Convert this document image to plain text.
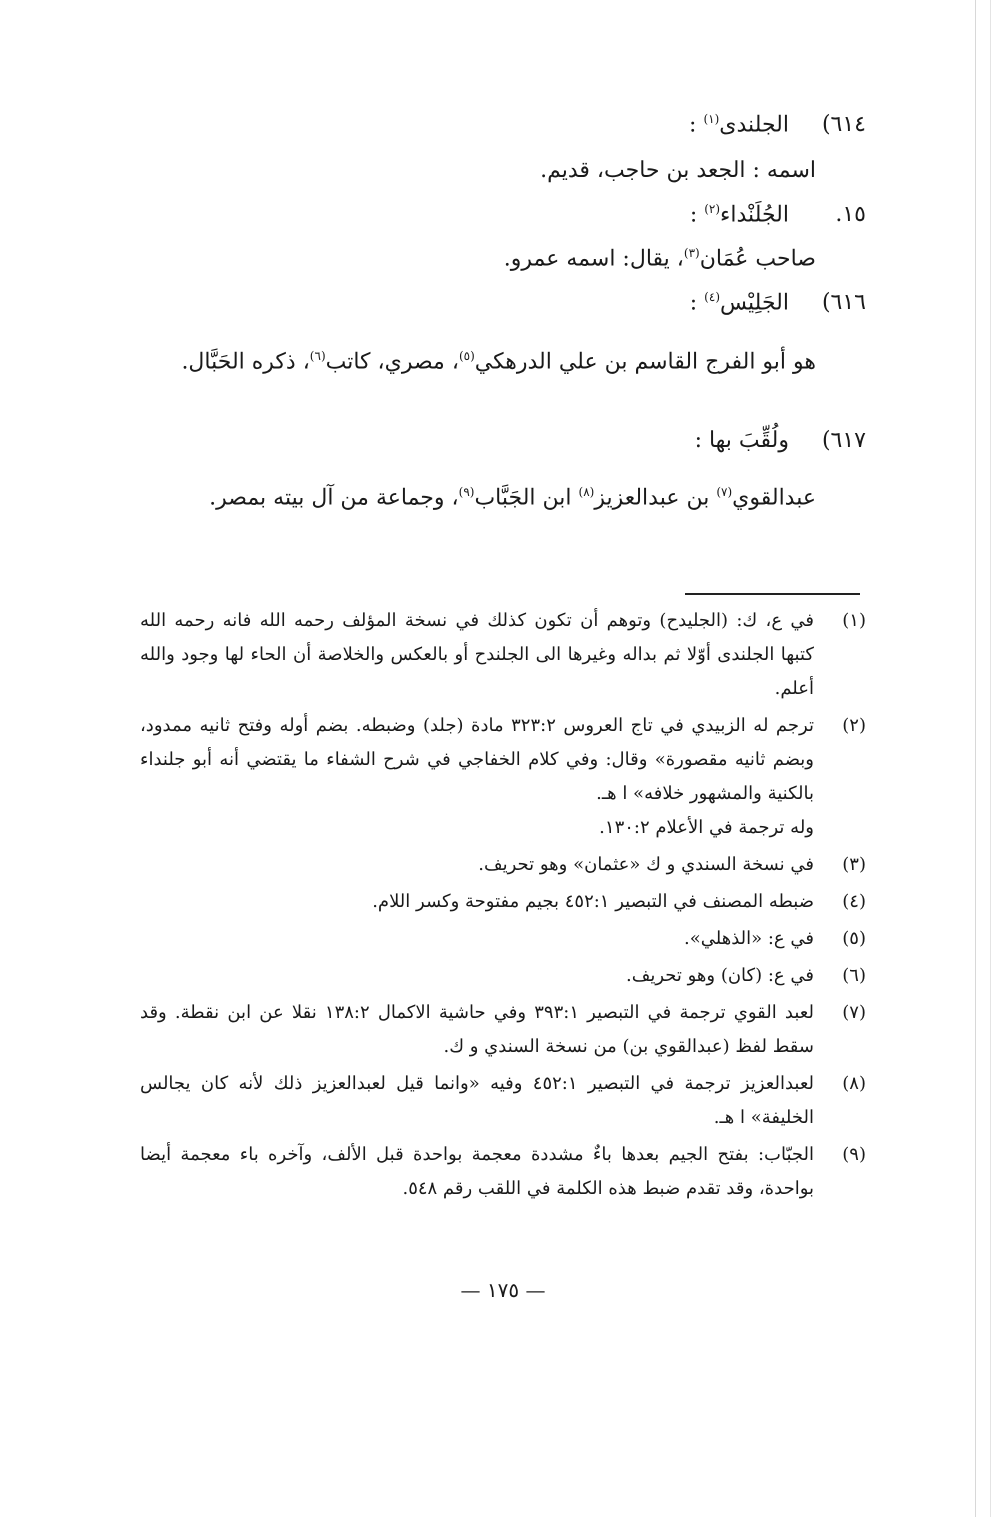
٦١٤) الجلندى$^{(١)}$ :
اسمه : الجعد بن حاجب، قديم.
١٥. الجُلَنْداء$^{(٢)}$ :
صاحب عُمَان$^{(٣)}$، يقال: اسمه عمرو.
٦١٦) الجَلِيْس$^{(٤)}$ :
هو أبو الفرج القاسم بن علي الدرهكي$^{(٥)}$، مصري، كاتب$^{(٦)}$، ذكره الحَبَّال.
٦١٧) ولُقِّبَ بها :
عبدالقوي$^{(٧)}$ بن عبدالعزيز$^{(٨)}$ ابن الجَبَّاب$^{(٩)}$، وجماعة من آل بيته بمصر.
(١)
في ع، ك: (الجليدح) وتوهم أن تكون كذلك في نسخة المؤلف رحمه الله فانه رحمه الله كتبها الجلندى أوّلا ثم بداله وغيرها الى الجلندح أو بالعكس والخلاصة أن الحاء لها وجود والله أعلم.
(٢)
ترجم له الزبيدي في تاج العروس ٣٢٣:٢ مادة (جلد) وضبطه. بضم أوله وفتح ثانيه ممدود، وبضم ثانيه مقصورة» وقال: وفي كلام الخفاجي في شرح الشفاء ما يقتضي أنه أبو جلنداء بالكنية والمشهور خلافه» ا هـ.
وله ترجمة في الأعلام ١٣٠:٢.
(٣)
في نسخة السندي و ك «عثمان» وهو تحريف.
(٤)
ضبطه المصنف في التبصير ٤٥٢:١ بجيم مفتوحة وكسر اللام.
(٥)
في ع: «الذهلي».
(٦)
في ع: (كان) وهو تحريف.
(٧)
لعبد القوي ترجمة في التبصير ٣٩٣:١ وفي حاشية الاكمال ١٣٨:٢ نقلا عن ابن نقطة. وقد سقط لفظ (عبدالقوي بن) من نسخة السندي و ك.
(٨)
لعبدالعزيز ترجمة في التبصير ٤٥٢:١ وفيه «وانما قيل لعبدالعزيز ذلك لأنه كان يجالس الخليفة» ا هـ.
(٩)
الجبّاب: بفتح الجيم بعدها باءٌ مشددة معجمة بواحدة قبل الألف، وآخره باء معجمة أيضا بواحدة، وقد تقدم ضبط هذه الكلمة في اللقب رقم ٥٤٨.
— ١٧٥ —
